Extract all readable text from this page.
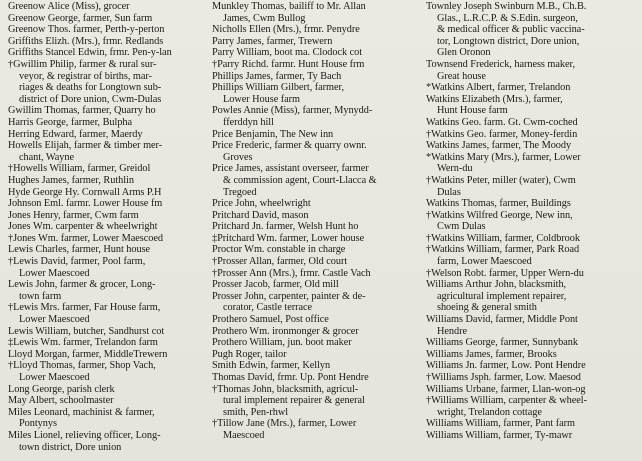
Greenow Alice (Miss), grocer
Greenow George, farmer, Sun farm
Greenow Thos. farmer, Perth-y-perton
Griffiths Elizh. (Mrs.), frmr. Redlands
Griffiths Stancel Edwin, frmr. Pen-y-lan
†Gwillim Philip, farmer & rural sur-
veyor, & registrar of births, mar-
riages & deaths for Longtown sub-
district of Dore union, Cwm-Dulas
Gwillim Thomas, farmer, Quarry ho
Harris George, farmer, Bulpha
Herring Edward, farmer, Maerdy
Howells Elijah, farmer & timber mer-
chant, Wayne
†Howells William, farmer, Greidol
Hughes James, farmer, Ruthlin
Hyde George Hy. Cornwall Arms P.H
Johnson Eml. farmr. Lower House fm
Jones Henry, farmer, Cwm farm
Jones Wm. carpenter & wheelwright
†Jones Wm. farmer, Lower Maescoed
Lewis Charles, farmer, Hunt house
†Lewis David, farmer, Pool farm,
Lower Maescoed
Lewis John, farmer & grocer, Long-
town farm
†Lewis Mrs. farmer, Far House farm,
Lower Maescoed
Lewis William, butcher, Sandhurst cot
‡Lewis Wm. farmer, Trelandon farm
Lloyd Morgan, farmer, MiddleTrewern
†Lloyd Thomas, farmer, Shop Vach,
Lower Maescoed
Long George, parish clerk
May Albert, schoolmaster
Miles Leonard, machinist & farmer,
Pontynys
Miles Lionel, relieving officer, Long-
town district, Dore union
Munkley Thomas, bailiff to Mr. Allan
James, Cwm Bullog
Nicholls Ellen (Mrs.), frmr. Penydre
Parry James, farmer, Trewern
Parry William, boot ma. Clodock cot
†Parry Richd. farmr. Hunt House frm
Phillips James, farmer, Ty Bach
Phillips William Gilbert, farmer,
Lower House farm
Powles Annie (Miss), farmer, Mynydd-
fferddyn hill
Price Benjamin, The New inn
Price Frederic, farmer & quarry ownr.
Groves
Price James, assistant overseer, farmer
& commission agent, Court-Llacca &
Tregoed
Price John, wheelwright
Pritchard David, mason
Pritchard Jn. farmer, Welsh Hunt ho
‡Pritchard Wm. farmer, Lower house
Proctor Wm. constable in charge
†Prosser Allan, farmer, Old court
†Prosser Ann (Mrs.), frmr. Castle Vach
Prosser Jacob, farmer, Old mill
Prosser John, carpenter, painter & de-
corator, Castle terrace
Prothero Samuel, Post office
Prothero Wm. ironmonger & grocer
Prothero William, jun. boot maker
Pugh Roger, tailor
Smith Edwin, farmer, Kellyn
Thomas David, frmr. Up. Pont Hendre
†Thomas John, blacksmith, agricul-
tural implement repairer & general
smith, Pen-rhwl
†Tillow Jane (Mrs.), farmer, Lower
Maescoed
Townley Joseph Swinburn M.B., Ch.B.
Glas., L.R.C.P. & S.Edin. surgeon,
& medical officer & public vaccina-
tor, Longtown district, Dore union,
Glen Oronon
Townsend Frederick, harness maker,
Great house
*Watkins Albert, farmer, Trelandon
Watkins Elizabeth (Mrs.), farmer,
Hunt House farm
Watkins Geo. farm. Gt. Cwm-coched
†Watkins Geo. farmer, Money-ferdin
Watkins James, farmer, The Moody
*Watkins Mary (Mrs.), farmer, Lower
Wern-du
†Watkins Peter, miller (water), Cwm
Dulas
Watkins Thomas, farmer, Buildings
†Watkins Wilfred George, New inn,
Cwm Dulas
†Watkins William, farmer, Coldbrook
†Watkins William, farmer, Park Road
farm, Lower Maescoed
†Welson Robt. farmer, Upper Wern-du
Williams Arthur John, blacksmith,
agricultural implement repairer,
shoeing & general smith
Williams David, farmer, Middle Pont
Hendre
Williams George, farmer, Sunnybank
Williams James, farmer, Brooks
Williams Jn. farmer, Low. Pont Hendre
†Williams Jsph. farmer, Low. Maesod
Williams Urbane, farmer, Llan-won-og
†Williams William, carpenter & wheel-
wright, Trelandon cottage
Williams William, farmer, Pant farm
Williams William, farmer, Ty-mawr
